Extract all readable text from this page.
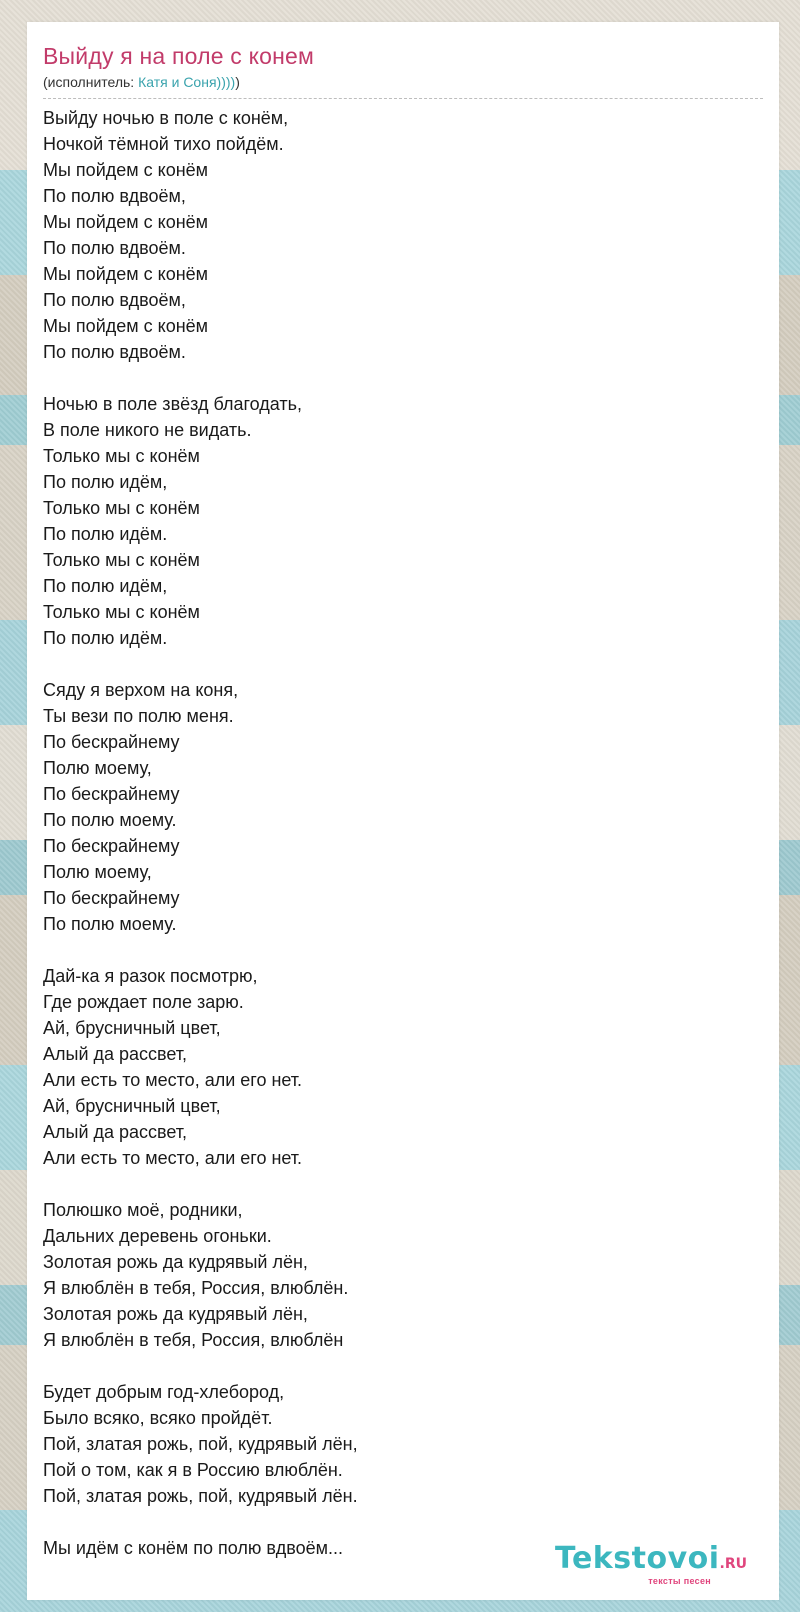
Выйду я на поле с конем
(исполнитель: Катя и Соня)))))
Выйду ночью в поле с конём,
Ночкой тёмной тихо пойдём.
Мы пойдем с конём
По полю вдвоём,
Мы пойдем с конём
По полю вдвоём.
Мы пойдем с конём
По полю вдвоём,
Мы пойдем с конём
По полю вдвоём.
Ночью в поле звёзд благодать,
В поле никого не видать.
Только мы с конём
По полю идём,
Только мы с конём
По полю идём.
Только мы с конём
По полю идём,
Только мы с конём
По полю идём.
Сяду я верхом на коня,
Ты вези по полю меня.
По бескрайнему
Полю моему,
По бескрайнему
По полю моему.
По бескрайнему
Полю моему,
По бескрайнему
По полю моему.
Дай-ка я разок посмотрю,
Где рождает поле зарю.
Ай, брусничный цвет,
Алый да рассвет,
Али есть то место, али его нет.
Ай, брусничный цвет,
Алый да рассвет,
Али есть то место, али его нет.
Полюшко моё, родники,
Дальних деревень огоньки.
Золотая рожь да кудрявый лён,
Я влюблён в тебя, Россия, влюблён.
Золотая рожь да кудрявый лён,
Я влюблён в тебя, Россия, влюблён
Будет добрым год-хлебород,
Было всяко, всяко пройдёт.
Пой, златая рожь, пой, кудрявый лён,
Пой о том, как я в Россию влюблён.
Пой, златая рожь, пой, кудрявый лён.
Мы идём с конём по полю вдвоём...	Tekstovoi.RU
тексты песен
